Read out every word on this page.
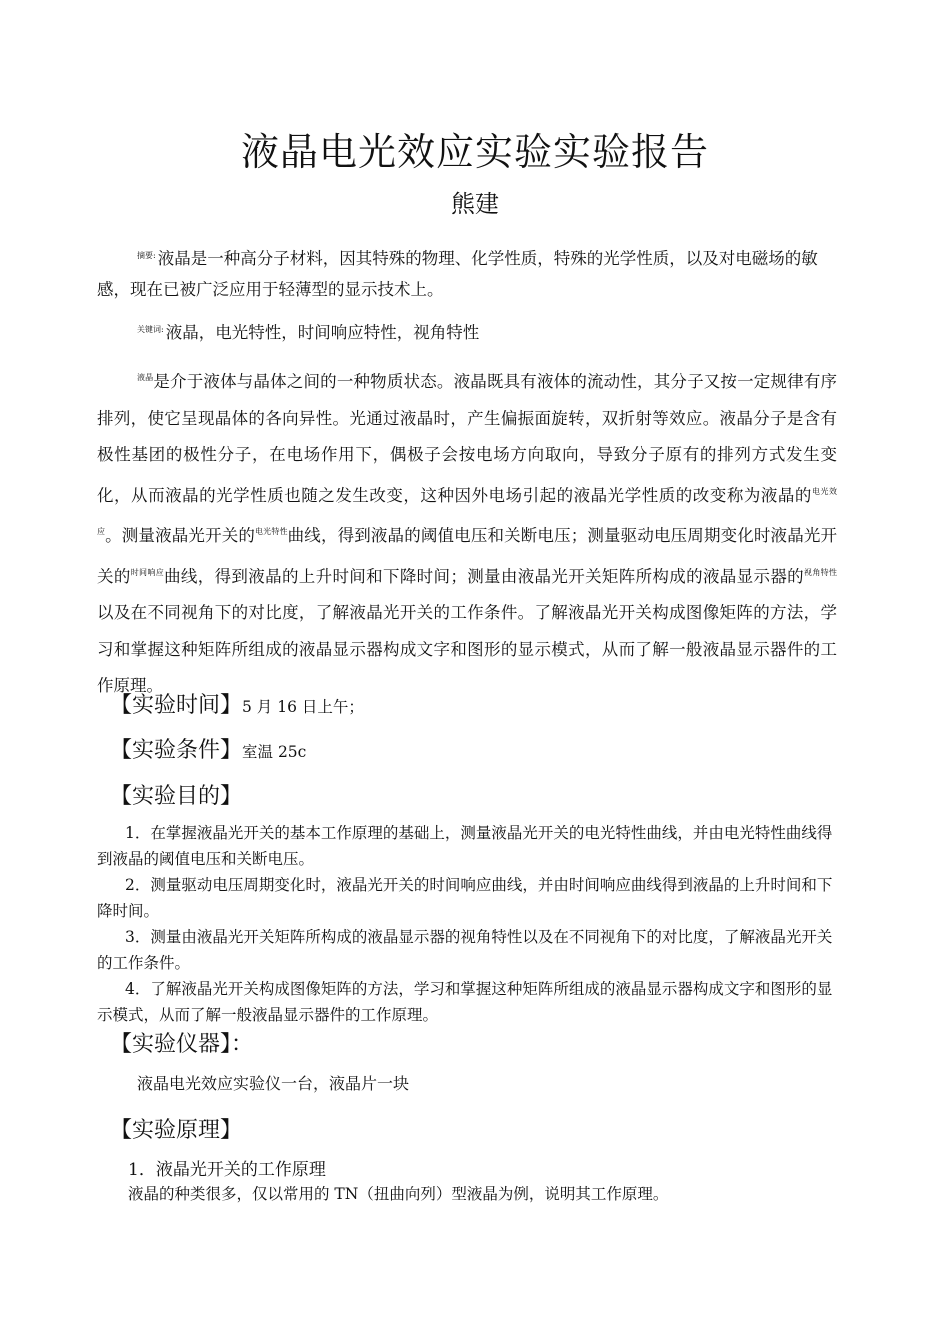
液晶电光效应实验实验报告
熊建

$^{摘要:}$ 液晶是一种高分子材料，因其特殊的物理、化学性质，特殊的光学性质，以及对电磁场的敏感，现在已被广泛应用于轻薄型的显示技术上。

$^{关键词:}$ 液晶，电光特性，时间响应特性，视角特性

$^{液晶}$是介于液体与晶体之间的一种物质状态。液晶既具有液体的流动性，其分子又按一定规律有序排列，使它呈现晶体的各向异性。光通过液晶时，产生偏振面旋转，双折射等效应。液晶分子是含有极性基团的极性分子，在电场作用下，偶极子会按电场方向取向，导致分子原有的排列方式发生变化，从而液晶的光学性质也随之发生改变，这种因外电场引起的液晶光学性质的改变称为液晶的$^{电光效应}$。测量液晶光开关的$^{电光特性}$曲线，得到液晶的阈值电压和关断电压；测量驱动电压周期变化时液晶光开关的$^{时间响应}$曲线，得到液晶的上升时间和下降时间；测量由液晶光开关矩阵所构成的液晶显示器的$^{视角特性}$以及在不同视角下的对比度，了解液晶光开关的工作条件。了解液晶光开关构成图像矩阵的方法，学习和掌握这种矩阵所组成的液晶显示器构成文字和图形的显示模式，从而了解一般液晶显示器件的工作原理。

【实验时间】5 月 16 日上午；

【实验条件】室温 25c

【实验目的】

1．在掌握液晶光开关的基本工作原理的基础上，测量液晶光开关的电光特性曲线，并由电光特性曲线得到液晶的阈值电压和关断电压。
2．测量驱动电压周期变化时，液晶光开关的时间响应曲线，并由时间响应曲线得到液晶的上升时间和下降时间。
3．测量由液晶光开关矩阵所构成的液晶显示器的视角特性以及在不同视角下的对比度，了解液晶光开关的工作条件。
4．了解液晶光开关构成图像矩阵的方法，学习和掌握这种矩阵所组成的液晶显示器构成文字和图形的显示模式，从而了解一般液晶显示器件的工作原理。

【实验仪器】：

液晶电光效应实验仪一台，液晶片一块

【实验原理】

1．液晶光开关的工作原理

液晶的种类很多，仅以常用的 TN（扭曲向列）型液晶为例，说明其工作原理。
